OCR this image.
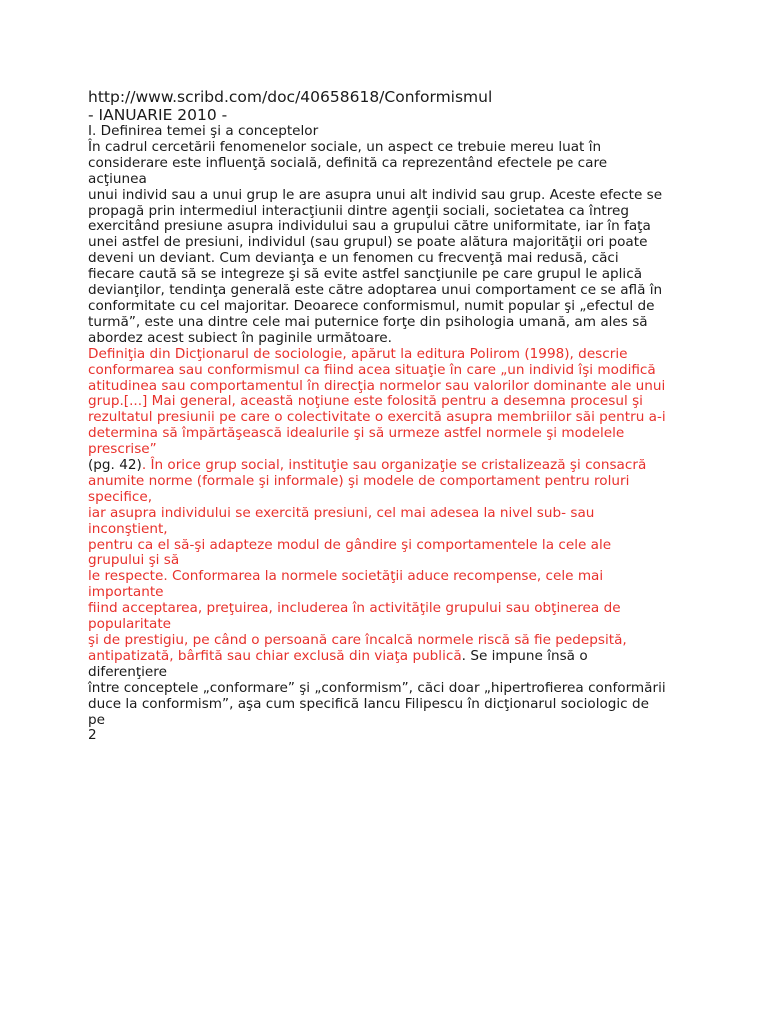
http://www.scribd.com/doc/40658618/Conformismul

- IANUARIE 2010 -

I. Definirea temei şi a conceptelor
În cadrul cercetării fenomenelor sociale, un aspect ce trebuie mereu luat în
considerare este influenţă socială, definită ca reprezentând efectele pe care
acţiunea
unui individ sau a unui grup le are asupra unui alt individ sau grup. Aceste efecte se
propagă prin intermediul interacţiunii dintre agenţii sociali, societatea ca întreg
exercitând presiune asupra individului sau a grupului către uniformitate, iar în faţa
unei astfel de presiuni, individul (sau grupul) se poate alătura majorităţii ori poate
deveni un deviant. Cum devianţa e un fenomen cu frecvenţă mai redusă, căci
fiecare caută să se integreze şi să evite astfel sancţiunile pe care grupul le aplică
devianţilor, tendinţa generală este către adoptarea unui comportament ce se află în
conformitate cu cel majoritar. Deoarece conformismul, numit popular şi „efectul de
turmă”, este una dintre cele mai puternice forţe din psihologia umană, am ales să
abordez acest subiect în paginile următoare.
Definiţia din Dicţionarul de sociologie, apărut la editura Polirom (1998), descrie
conformarea sau conformismul ca fiind acea situaţie în care „un individ îşi modifică
atitudinea sau comportamentul în direcţia normelor sau valorilor dominante ale unui
grup.[...] Mai general, această noţiune este folosită pentru a desemna procesul şi
rezultatul presiunii pe care o colectivitate o exercită asupra membriilor săi pentru a-i
determina să împărtăşească idealurile şi să urmeze astfel normele şi modelele
prescrise”
(pg. 42). În orice grup social, instituţie sau organizaţie se cristalizează şi consacră
anumite norme (formale şi informale) şi modele de comportament pentru roluri
specifice,
iar asupra individului se exercită presiuni, cel mai adesea la nivel sub- sau
inconştient,
pentru ca el să-şi adapteze modul de gândire şi comportamentele la cele ale
grupului şi să
le respecte. Conformarea la normele societăţii aduce recompense, cele mai
importante
fiind acceptarea, preţuirea, includerea în activităţile grupului sau obţinerea de
popularitate
şi de prestigiu, pe când o persoană care încalcă normele riscă să fie pedepsită,
antipatizată, bârfită sau chiar exclusă din viaţa publică. Se impune însă o
diferenţiere
între conceptele „conformare” şi „conformism”, căci doar „hipertrofierea conformării
duce la conformism”, aşa cum specifică Iancu Filipescu în dicţionarul sociologic de
pe
2
